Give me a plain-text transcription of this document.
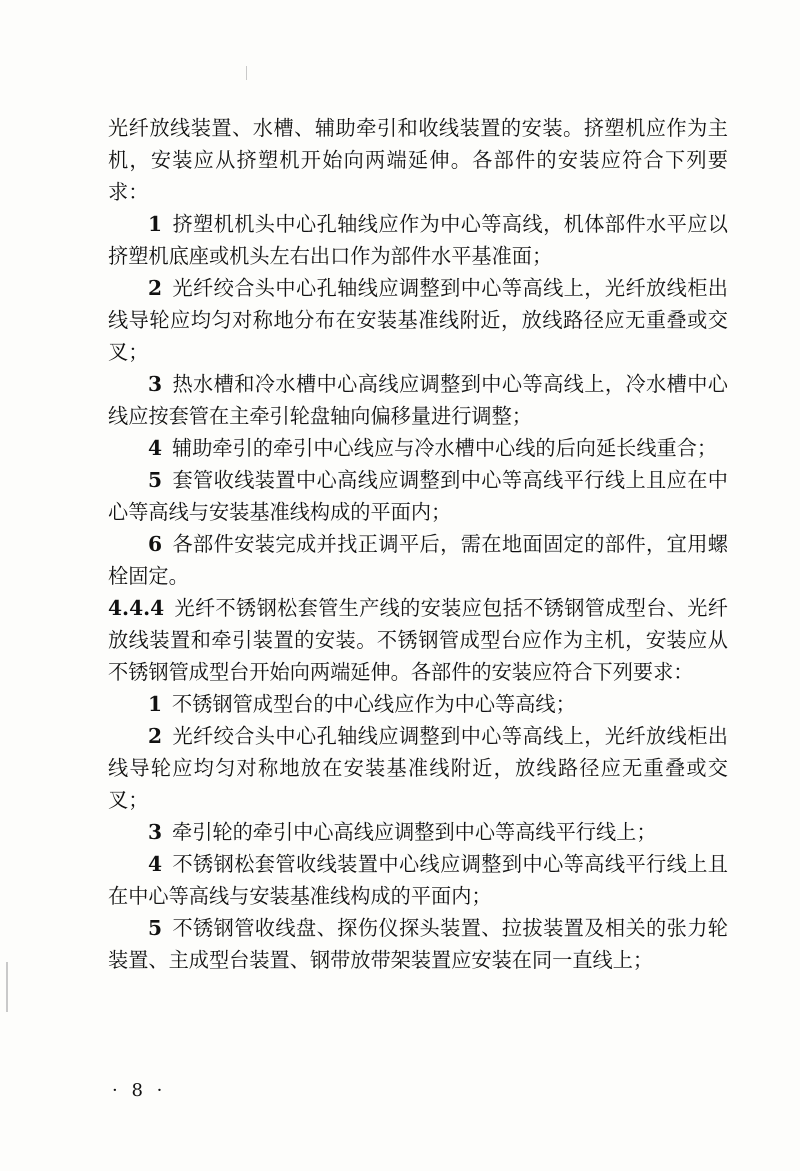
光纤放线装置、水槽、辅助牵引和收线装置的安装。挤塑机应作为主机，安装应从挤塑机开始向两端延伸。各部件的安装应符合下列要求：

1 挤塑机机头中心孔轴线应作为中心等高线，机体部件水平应以挤塑机底座或机头左右出口作为部件水平基准面；

2 光纤绞合头中心孔轴线应调整到中心等高线上，光纤放线柜出线导轮应均匀对称地分布在安装基准线附近，放线路径应无重叠或交叉；

3 热水槽和冷水槽中心高线应调整到中心等高线上，冷水槽中心线应按套管在主牵引轮盘轴向偏移量进行调整；

4 辅助牵引的牵引中心线应与冷水槽中心线的后向延长线重合；

5 套管收线装置中心高线应调整到中心等高线平行线上且应在中心等高线与安装基准线构成的平面内；

6 各部件安装完成并找正调平后，需在地面固定的部件，宜用螺栓固定。

4.4.4 光纤不锈钢松套管生产线的安装应包括不锈钢管成型台、光纤放线装置和牵引装置的安装。不锈钢管成型台应作为主机，安装应从不锈钢管成型台开始向两端延伸。各部件的安装应符合下列要求：

1 不锈钢管成型台的中心线应作为中心等高线；

2 光纤绞合头中心孔轴线应调整到中心等高线上，光纤放线柜出线导轮应均匀对称地放在安装基准线附近，放线路径应无重叠或交叉；

3 牵引轮的牵引中心高线应调整到中心等高线平行线上；

4 不锈钢松套管收线装置中心线应调整到中心等高线平行线上且在中心等高线与安装基准线构成的平面内；

5 不锈钢管收线盘、探伤仪探头装置、拉拔装置及相关的张力轮装置、主成型台装置、钢带放带架装置应安装在同一直线上；

· 8 ·
